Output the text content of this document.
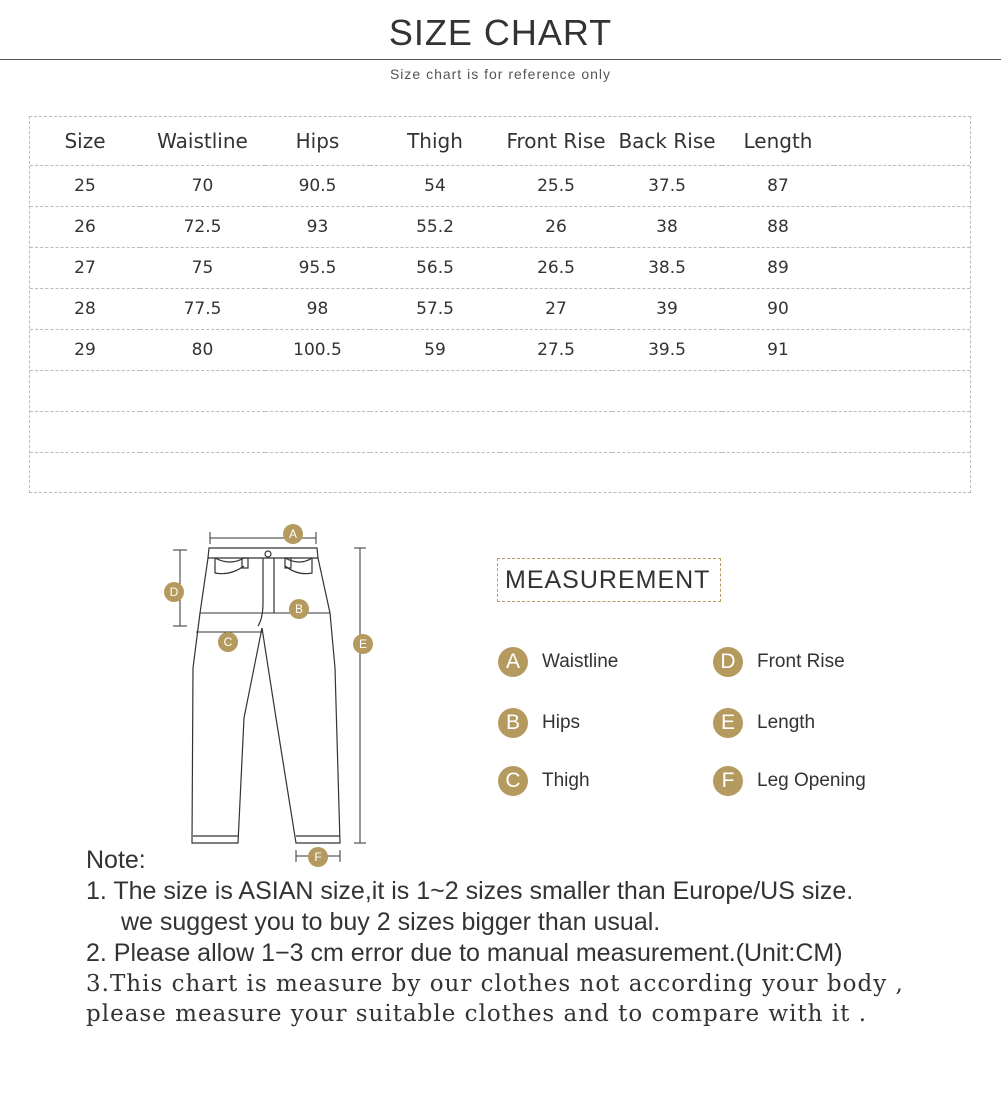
SIZE CHART
Size chart is for reference only
Size	Waistline	Hips	Thigh	Front Rise	Back Rise	Length	
25	70	90.5	54	25.5	37.5	87	
26	72.5	93	55.2	26	38	88	
27	75	95.5	56.5	26.5	38.5	89	
28	77.5	98	57.5	27	39	90	
29	80	100.5	59	27.5	39.5	91	

A
B
C
D
E
F
MEASUREMENT
A	Waistline
B	Hips
C	Thigh
D	Front Rise
E	Length
F	Leg Opening
Note:
1. The size is ASIAN size,it is 1~2 sizes smaller than Europe/US size.
we suggest you to buy 2 sizes bigger than usual.
2. Please allow 1−3 cm error due to manual measurement.(Unit:CM)
3.This chart is measure by our clothes not according your body ,
please measure your suitable clothes and to compare with it .
